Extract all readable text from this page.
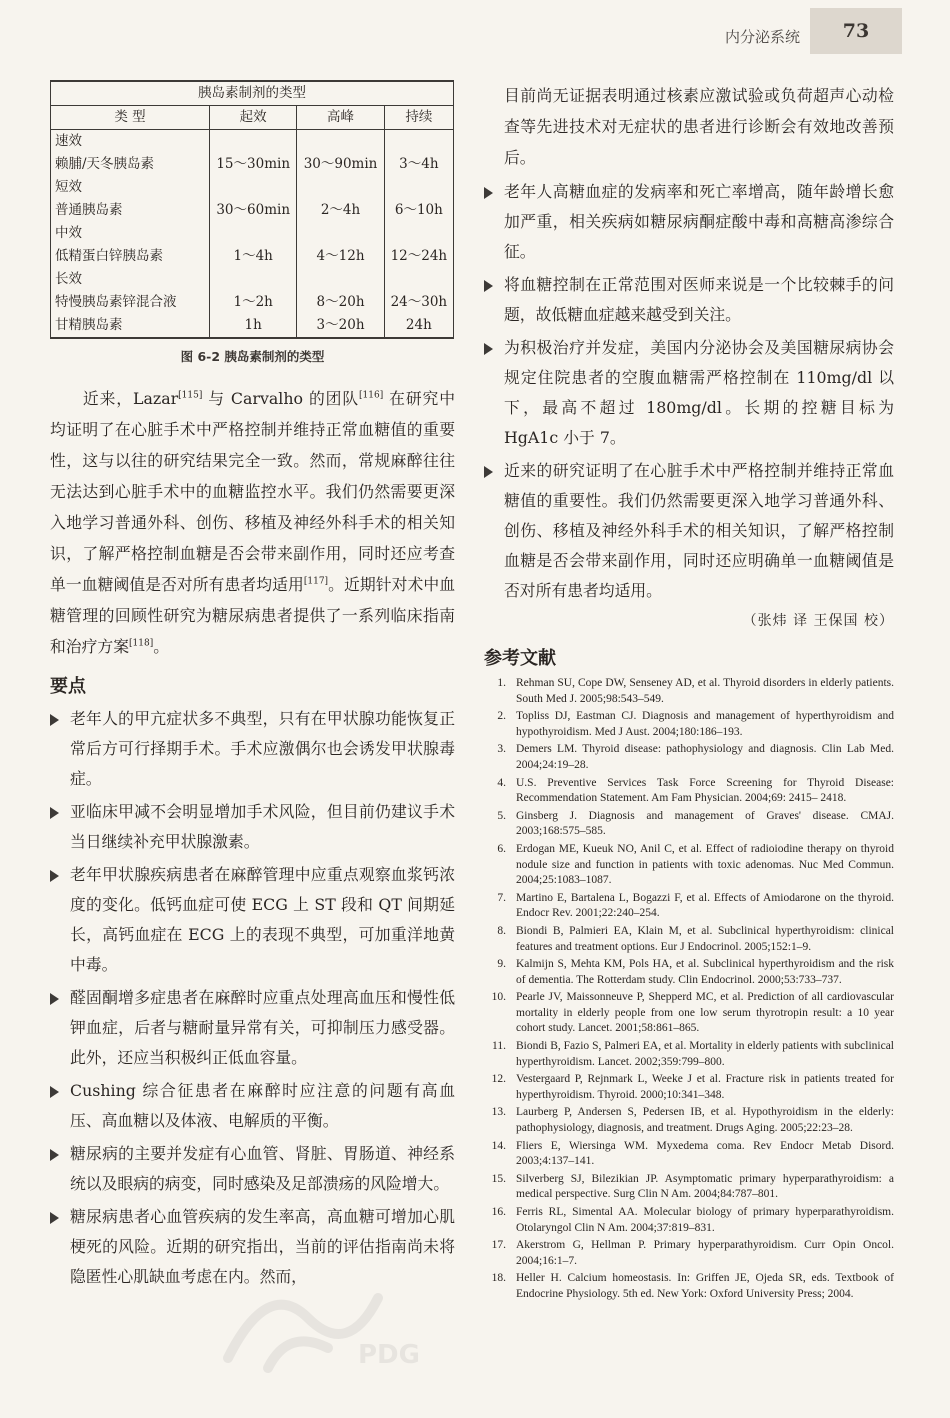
内分泌系统	73
胰岛素制剂的类型			
类 型	起效	高峰	持续
速效			
赖脯/天冬胰岛素	15～30min	30～90min	3～4h
短效			
普通胰岛素	30～60min	2～4h	6～10h
中效			
低精蛋白锌胰岛素	1～4h	4～12h	12～24h
长效			
特慢胰岛素锌混合液	1～2h	8～20h	24～30h
甘精胰岛素	1h	3～20h	24h
图 6-2 胰岛素制剂的类型

近来，Lazar[115] 与 Carvalho 的团队[116] 在研究中均证明了在心脏手术中严格控制并维持正常血糖值的重要性，这与以往的研究结果完全一致。然而，常规麻醉往往无法达到心脏手术中的血糖监控水平。我们仍然需要更深入地学习普通外科、创伤、移植及神经外科手术的相关知识，了解严格控制血糖是否会带来副作用，同时还应考查单一血糖阈值是否对所有患者均适用[117]。近期针对术中血糖管理的回顾性研究为糖尿病患者提供了一系列临床指南和治疗方案[118]。

要点
老年人的甲亢症状多不典型，只有在甲状腺功能恢复正常后方可行择期手术。手术应激偶尔也会诱发甲状腺毒症。
亚临床甲减不会明显增加手术风险，但目前仍建议手术当日继续补充甲状腺激素。
老年甲状腺疾病患者在麻醉管理中应重点观察血浆钙浓度的变化。低钙血症可使 ECG 上 ST 段和 QT 间期延长，高钙血症在 ECG 上的表现不典型，可加重洋地黄中毒。
醛固酮增多症患者在麻醉时应重点处理高血压和慢性低钾血症，后者与糖耐量异常有关，可抑制压力感受器。此外，还应当积极纠正低血容量。
Cushing 综合征患者在麻醉时应注意的问题有高血压、高血糖以及体液、电解质的平衡。
糖尿病的主要并发症有心血管、肾脏、胃肠道、神经系统以及眼病的病变，同时感染及足部溃疡的风险增大。
糖尿病患者心血管疾病的发生率高，高血糖可增加心肌梗死的风险。近期的研究指出，当前的评估指南尚未将隐匿性心肌缺血考虑在内。然而，

目前尚无证据表明通过核素应激试验或负荷超声心动检查等先进技术对无症状的患者进行诊断会有效地改善预后。

老年人高糖血症的发病率和死亡率增高，随年龄增长愈加严重，相关疾病如糖尿病酮症酸中毒和高糖高渗综合征。
将血糖控制在正常范围对医师来说是一个比较棘手的问题，故低糖血症越来越受到关注。
为积极治疗并发症，美国内分泌协会及美国糖尿病协会规定住院患者的空腹血糖需严格控制在 110mg/dl 以下，最高不超过 180mg/dl。长期的控糖目标为 HgA1c 小于 7。
近来的研究证明了在心脏手术中严格控制并维持正常血糖值的重要性。我们仍然需要更深入地学习普通外科、创伤、移植及神经外科手术的相关知识，了解严格控制血糖是否会带来副作用，同时还应明确单一血糖阈值是否对所有患者均适用。
（张炜 译 王保国 校）
参考文献
1. Rehman SU, Cope DW, Senseney AD, et al. Thyroid disorders in elderly patients. South Med J. 2005;98:543–549.
2. Topliss DJ, Eastman CJ. Diagnosis and management of hyperthyroidism and hypothyroidism. Med J Aust. 2004;180:186–193.
3. Demers LM. Thyroid disease: pathophysiology and diagnosis. Clin Lab Med. 2004;24:19–28.
4. U.S. Preventive Services Task Force Screening for Thyroid Disease: Recommendation Statement. Am Fam Physician. 2004;69: 2415– 2418.
5. Ginsberg J. Diagnosis and management of Graves' disease. CMAJ. 2003;168:575–585.
6. Erdogan ME, Kueuk NO, Anil C, et al. Effect of radioiodine therapy on thyroid nodule size and function in patients with toxic adenomas. Nuc Med Commun. 2004;25:1083–1087.
7. Martino E, Bartalena L, Bogazzi F, et al. Effects of Amiodarone on the thyroid. Endocr Rev. 2001;22:240–254.
8. Biondi B, Palmieri EA, Klain M, et al. Subclinical hyperthyroidism: clinical features and treatment options. Eur J Endocrinol. 2005;152:1–9.
9. Kalmijn S, Mehta KM, Pols HA, et al. Subclinical hyperthyroidism and the risk of dementia. The Rotterdam study. Clin Endocrinol. 2000;53:733–737.
10. Pearle JV, Maissonneuve P, Shepperd MC, et al. Prediction of all cardiovascular mortality in elderly people from one low serum thyrotropin result: a 10 year cohort study. Lancet. 2001;58:861–865.
11. Biondi B, Fazio S, Palmeri EA, et al. Mortality in elderly patients with subclinical hyperthyroidism. Lancet. 2002;359:799–800.
12. Vestergaard P, Rejnmark L, Weeke J et al. Fracture risk in patients treated for hyperthyroidism. Thyroid. 2000;10:341–348.
13. Laurberg P, Andersen S, Pedersen IB, et al. Hypothyroidism in the elderly: pathophysiology, diagnosis, and treatment. Drugs Aging. 2005;22:23–28.
14. Fliers E, Wiersinga WM. Myxedema coma. Rev Endocr Metab Disord. 2003;4:137–141.
15. Silverberg SJ, Bilezikian JP. Asymptomatic primary hyperparathyroidism: a medical perspective. Surg Clin N Am. 2004;84:787–801.
16. Ferris RL, Simental AA. Molecular biology of primary hyperparathyroidism. Otolaryngol Clin N Am. 2004;37:819–831.
17. Akerstrom G, Hellman P. Primary hyperparathyroidism. Curr Opin Oncol. 2004;16:1–7.
18. Heller H. Calcium homeostasis. In: Griffen JE, Ojeda SR, eds. Textbook of Endocrine Physiology. 5th ed. New York: Oxford University Press; 2004.
PDG
